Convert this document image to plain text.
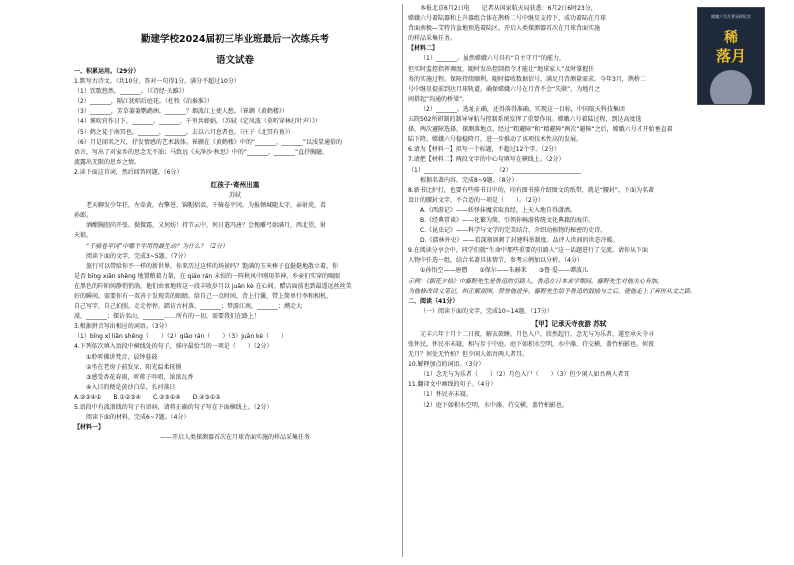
勤建学校2024届初三毕业班最后一次练兵考
语文试卷
一、积累运用。（29分）
1.默写古诗文。（共10分。答对一句得1分，满分不超过10分）
（1）饮歌悠然，_______。（《诗经·关雎》）
（2）_______，隔江犹唱后庭花。（杜牧《泊秦淮》）
（3）_______，芳草萋萋鹦鹉洲。_______？烟波江上使人愁。（崔颢《黄鹤楼》）
（4）雾吹官作日下，_______。_______，千里共婵娟。（苏轼《定风波（莫听穿林打叶声）》）
（5）鹤之徒于南冥也，_______，_______，去以六月息者也。（庄子《北冥有鱼》）
（6）月是闻名之尺，抒发情感的艺术载体。崔颢在《黄鹤楼》中的“_______，_______”以浅显通俗的
语言，写出了对家乡的思念无不油；马致远《天净沙·秋思》中的“_______，_______”直抒胸臆，
流露出无限的思乡之情。
2.读下面这首词，然后回答问题。（6分）
红孩子·寄州出塞
苏轼
老天聊发少年狂，左牵黄，右擎苍，锦帽貂裘，千骑卷平冈。为报倾城随太守，亲射虎，看
孙郎。
酒酣胸胆尚开张。鬓微霜，又何妨！持节云中，何日遣冯唐？会挽雕弓如满月，西北望，射
天狼。
“千骑卷平冈”中哪个字用得最生动？为什么？（2分）
阅读下面的文字，完成3~5题。（7分）
旅行可以带给你不一样的新世界，你来历过这样的场景吗？饱满的玉米棒子直挺挺地散立着，你
是否 bīng xiān shēng 地置粮着力量，在 qiáo rán 未惊的一阵秋风中刚用养神。乡壶们实穿的喝眼
在黑色的阡陌间静悄悄淌，他们由衷地将这一段丰收岁月以 juān kè 在心间。醋店面前也到最遥远丝丝美
好的瞬间，需要你有一双善于发现美的眼睛。给自己一点时间，背上行囊，带上简单行李和相机，
自己写字，自己拍照，走走停停。踏访古村落，_______；梦游江南，_______；溯走大
漠，_______；探访名山，_______……所有的一切，需要我们在路上！
3.根据拼音写出相应的词语。（3分）
（1）bīng xī liǎn shēng（　　）（2）qiāo rán（　　）（3）juān kè（　　）
4.下列依次填入语段中横线处的句子，排序最恰当的一项是（　　）（2分）
①聆听佛讲梵音，晨钟暮鼓
②坐在老房子前发呆，阳光温柔抚摸
③感受杏花春雨，听蒋子吟唱，浓浓瓦香
④入目的便是黄沙白草，长河落日
A.②③④①　　B.①②③④　　C.②③①④　　D.④③①②
5.语段中有波浪线的句子有语病，请将正确的句子写在下面横线上。（2分）
阅读下面的材料，完成6~7题。（4分）
【材料一】
——开启人类探测器首次在月球背面实施的样品采集任务
本报北京6月2日电　　记者从国家航天局获悉：6月2日6时23分，
嫦娥六号着陆器和上升器组合体在鹊桥二号中继星支持下，成功着陆在月球
背面南极—艾特肯盆地预选着陆区，开启人类探测器首次在月球背面实施
的样品采集任务。
【材料二】
（1）_______。虽然嫦娥六号具有“自主守月”的能力，
但实时监控指挥调度、随时发出控制指令才能让“地球家人”及时掌握任
务的实施过程。保障持续顺利，随时接收数据信号，满足月背测量需求。今年3月，鹊桥二
号中继星提前到达月球轨道，确保嫦娥六号在月背不会“失联”，为地月之
间搭起“沟通的桥梁”。
（2）_______。选址正确，还得落得准确、实现这一目标，中国航天科技集团
五院502所研制的制导导航与控制系统发挥了重要作用。嫦娥六号着陆过程，到达高度选
择，两次避障选择，探测落地点。经过“粗避障”和“精避障”两次“避障”之后，嫦娥六号才开始垂直着
陆下降。嫦娥六号稳稳降月，进一步推动了该项技术性高的发展。
6.请为【材料一】拟写一个标题，不超过12个字。（2分）
7.请把【材料二】两段文字的中心句填写在横线上。（2分）
（1）_______________________　（2）_______________________
根据名著内容，完成8~9题。（8分）
8.新书比护打，也要有些排书目中的，印有图书排介绍图文的纸带，就是“腰封”。下面为名著
设计的腰封文字，不合适的一项是（　　）。（2分）
A.《西游记》——妖怪抹魔求取真经，上天入地自得潇洒。
B.《经典常谈》——化繁为简，引领你畅游传统文化典籍的海洋。
C.《昆虫记》——科学与文学的完美结合，介绍动植物的秘密的史诗。
D.《儒林外史》——看深刻讽刺了封建科举制度、品评人世间的世态冷暖。
9.在阅读分享会中，同学们就“生命中那些重要的引路人”这一话题进行了交流。请你从下面
人物中任选一组，结合名著具体情节，参考示例加以分析。（4分）
①孙悟空——唐僧　　②保尔——朱赫来　　③鲁·爱——谭波儿
示例：《朝花夕拾》中藤野先生是鲁迅的引路人。鲁迅在日本求学期间，藤野先生对他关心有加，
为他修改讲义笔记，纠正解剖图。赞誉他进步，藤野先生给予鲁迅的鼓励与之后，使他走上了弃医从文之路。
二、阅读（41分）
（一）阅读下面的文字，完成10~14题。（17分）
【甲】记承天寺夜游 苏轼
元丰六年十月十二日夜，解衣欲睡，月色入户，欣然起行。念无与为乐者，遂至承天寺寻
张怀民。怀民亦未寝，相与步于中庭。庭下如积水空明，水中藻、荇交横，盖竹柏影也。何夜
无月？何处无竹柏？但少闲人如吾两人者耳。
10.解释加点的词语。（3分）
（1）念无与为乐者（　　）（2）月色入户（　　）（3）但少闲人如吾两人者耳
11.翻译文中画线的句子。（4分）
（1）怀民亦未寝。
（2）庭下如积水空明，水中藻、荇交横，盖竹柏影也。
嫦娥六号月背采样纪实
稀
落月
